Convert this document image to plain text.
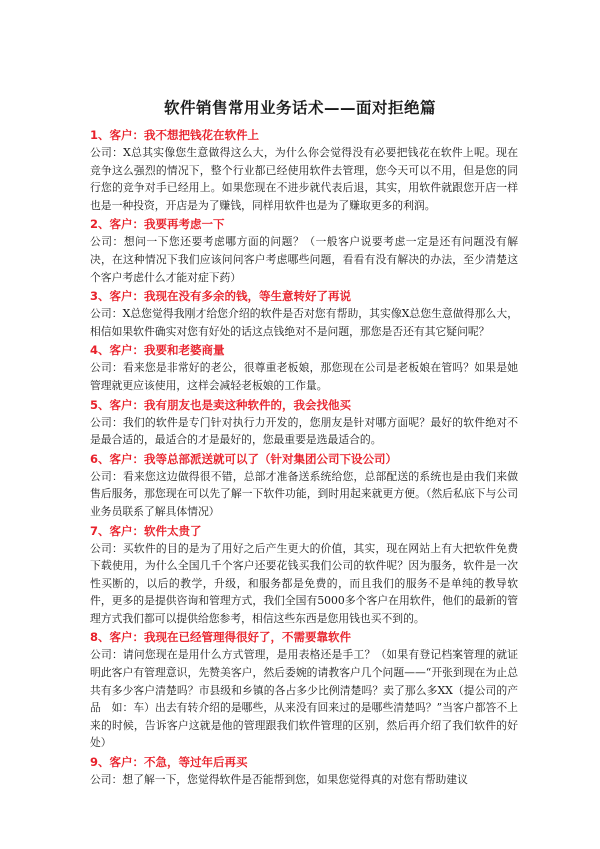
软件销售常用业务话术——面对拒绝篇
1、客户：我不想把钱花在软件上
公司：X总其实像您生意做得这么大，为什么你会觉得没有必要把钱花在软件上呢。现在竞争这么强烈的情况下，整个行业都已经使用软件去管理，您今天可以不用，但是您的同行您的竞争对手已经用上。如果您现在不进步就代表后退，其实，用软件就跟您开店一样也是一种投资，开店是为了赚钱，同样用软件也是为了赚取更多的利润。
2、客户：我要再考虑一下
公司：想问一下您还要考虑哪方面的问题？（一般客户说要考虑一定是还有问题没有解决，在这种情况下我们应该问问客户考虑哪些问题，看看有没有解决的办法，至少清楚这个客户考虑什么才能对症下药）
3、客户：我现在没有多余的钱，等生意转好了再说
公司：X总您觉得我刚才给您介绍的软件是否对您有帮助，其实像X总您生意做得那么大，相信如果软件确实对您有好处的话这点钱绝对不是问题，那您是否还有其它疑问呢？
4、客户：我要和老婆商量
公司：看来您是非常好的老公，很尊重老板娘，那您现在公司是老板娘在管吗？如果是她管理就更应该使用，这样会减轻老板娘的工作量。
5、客户：我有朋友也是卖这种软件的，我会找他买
公司：我们的软件是专门针对执行力开发的，您朋友是针对哪方面呢？最好的软件绝对不是最合适的，最适合的才是最好的，您最重要是选最适合的。
6、客户：我等总部派送就可以了（针对集团公司下设公司）
公司：看来您这边做得很不错，总部才准备送系统给您，总部配送的系统也是由我们来做售后服务，那您现在可以先了解一下软件功能，到时用起来就更方便。（然后私底下与公司业务员联系了解具体情况）
7、客户：软件太贵了
公司：买软件的目的是为了用好之后产生更大的价值，其实，现在网站上有大把软件免费下载使用，为什么全国几千个客户还要花钱买我们公司的软件呢？因为服务，软件是一次性买断的，以后的教学，升级，和服务都是免费的，而且我们的服务不是单纯的教导软件，更多的是提供咨询和管理方式，我们全国有5000多个客户在用软件，他们的最新的管理方式我们都可以提供给您参考，相信这些东西是您用钱也买不到的。
8、客户：我现在已经管理得很好了，不需要靠软件
公司：请问您现在是用什么方式管理，是用表格还是手工？（如果有登记档案管理的就证明此客户有管理意识，先赞美客户，然后委婉的请教客户几个问题——“开张到现在为止总共有多少客户清楚吗？市县级和乡镇的各占多少比例清楚吗？卖了那么多XX（提公司的产品　如：车）出去有转介绍的是哪些，从来没有回来过的是哪些清楚吗？”当客户都答不上来的时候，告诉客户这就是他的管理跟我们软件管理的区别，然后再介绍了我们软件的好处）
9、客户：不急，等过年后再买
公司：想了解一下，您觉得软件是否能帮到您，如果您觉得真的对您有帮助建议
